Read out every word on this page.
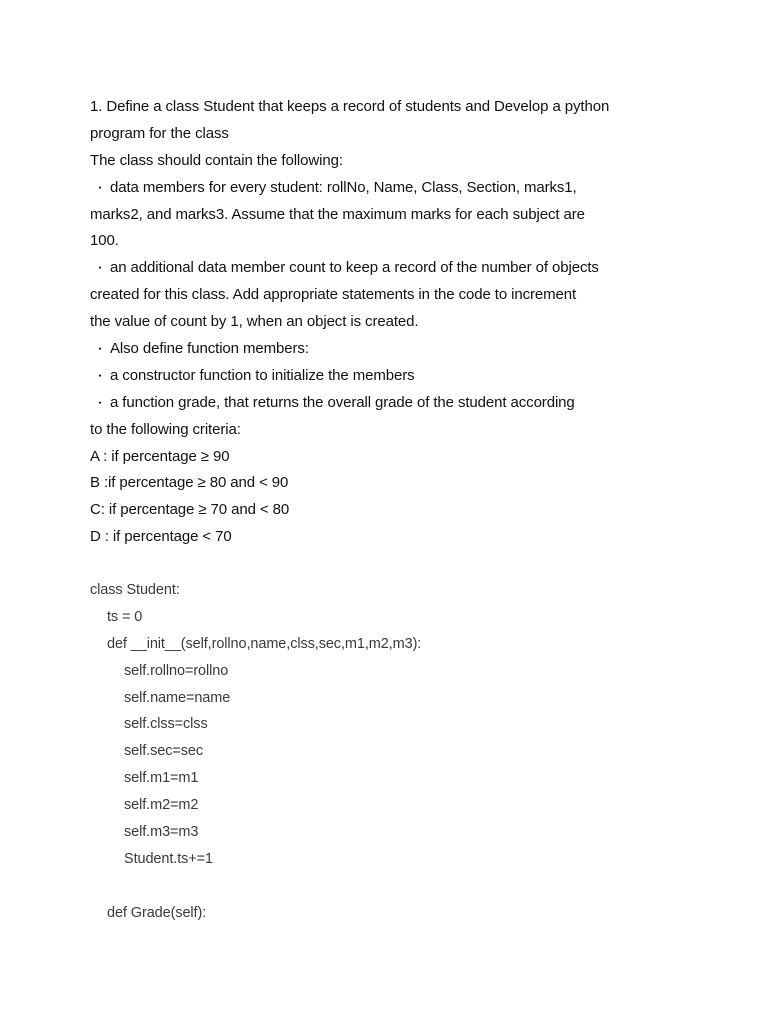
1. Define a class Student that keeps a record of students and Develop a python
program for the class
The class should contain the following:
・ data members for every student: rollNo, Name, Class, Section, marks1,
marks2, and marks3. Assume that the maximum marks for each subject are
100.
・ an additional data member count to keep a record of the number of objects
created for this class. Add appropriate statements in the code to increment
the value of count by 1, when an object is created.
・ Also define function members:
・ a constructor function to initialize the members
・ a function grade, that returns the overall grade of the student according
to the following criteria:
A : if percentage ≥ 90
B :if percentage ≥ 80 and < 90
C: if percentage ≥ 70 and < 80
D : if percentage < 70
class Student:
ts = 0
def __init__(self,rollno,name,clss,sec,m1,m2,m3):
self.rollno=rollno
self.name=name
self.clss=clss
self.sec=sec
self.m1=m1
self.m2=m2
self.m3=m3
Student.ts+=1
def Grade(self):
